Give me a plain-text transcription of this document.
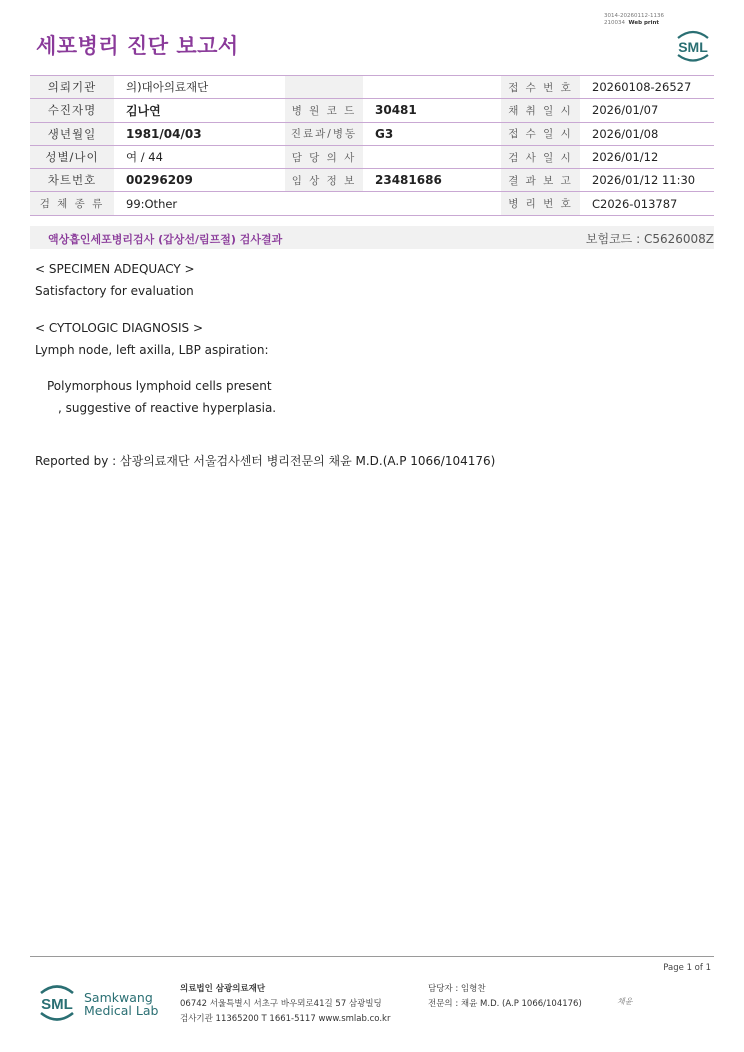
세포병리 진단 보고서
3014-20260112-1136
210034 Web print
SML
의뢰기관	의)대아의료재단			접 수 번 호	20260108-26527
수진자명	김나연	병 원 코 드	30481	채 취 일 시	2026/01/07
생년월일	1981/04/03	진료과/병동	G3	접 수 일 시	2026/01/08
성별/나이	여 / 44	담 당 의 사		검 사 일 시	2026/01/12
차트번호	00296209	임 상 정 보	23481686	결 과 보 고	2026/01/12 11:30
검 체 종 류	99:Other			병 리 번 호	C2026-013787
액상흡인세포병리검사 (갑상선/림프절) 검사결과	보험코드 : C5626008Z
< SPECIMEN ADEQUACY >
Satisfactory for evaluation
< CYTOLOGIC DIAGNOSIS >
Lymph node, left axilla, LBP aspiration:
Polymorphous lymphoid cells present
, suggestive of reactive hyperplasia.
Reported by : 삼광의료재단 서울검사센터 병리전문의 채윤 M.D.(A.P 1066/104176)
Page 1 of 1
SML Samkwang
Medical Lab
의료법인 삼광의료재단
06742 서울특별시 서초구 바우뫼로41길 57 삼광빌딩
검사기관 11365200 T 1661-5117 www.smlab.co.kr
담당자 : 임형찬
전문의 : 채윤 M.D. (A.P 1066/104176)	채윤
